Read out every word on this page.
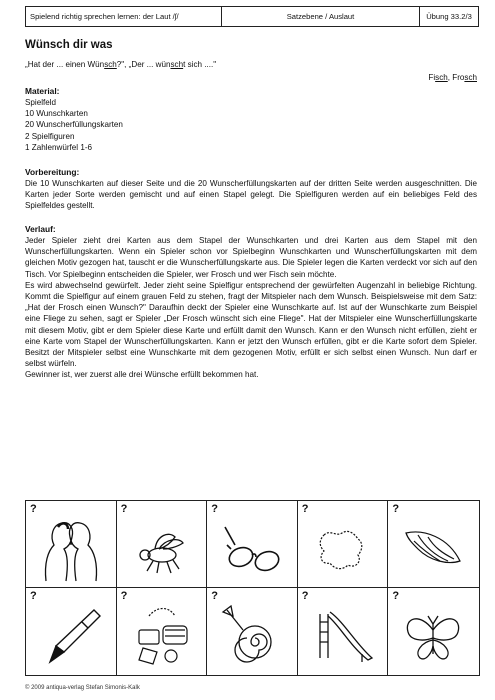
Spielend richtig sprechen lernen: der Laut /ʃ/	Satzebene / Auslaut	Übung 33.2/3
Wünsch dir was
„Hat der ... einen Wünsch?", „Der ... wünscht sich ...."
Fisch, Frosch
Material:
Spielfeld
10 Wunschkarten
20 Wunscherfüllungskarten
2 Spielfiguren
1 Zahlenwürfel 1-6
Vorbereitung:
Die 10 Wunschkarten auf dieser Seite und die 20 Wunscherfüllungskarten auf der dritten Seite werden ausgeschnitten. Die Karten jeder Sorte werden gemischt und auf einen Stapel gelegt. Die Spielfiguren werden auf ein beliebiges Feld des Spielfeldes gestellt.
Verlauf:
Jeder Spieler zieht drei Karten aus dem Stapel der Wunschkarten und drei Karten aus dem Stapel mit den Wunscherfüllungskarten. Wenn ein Spieler schon vor Spielbeginn Wunschkarten und Wunscherfüllungskarten mit dem gleichen Motiv gezogen hat, tauscht er die Wunscherfüllungskarte aus. Die Spieler legen die Karten verdeckt vor sich auf den Tisch. Vor Spielbeginn entscheiden die Spieler, wer Frosch und wer Fisch sein möchte.
Es wird abwechselnd gewürfelt. Jeder zieht seine Spielfigur entsprechend der gewürfelten Augenzahl in beliebige Richtung. Kommt die Spielfigur auf einem grauen Feld zu stehen, fragt der Mitspieler nach dem Wunsch. Beispielsweise mit dem Satz: „Hat der Frosch einen Wunsch?" Daraufhin deckt der Spieler eine Wunschkarte auf. Ist auf der Wunschkarte zum Beispiel eine Fliege zu sehen, sagt er Spieler „Der Frosch wünscht sich eine Fliege". Hat der Mitspieler eine Wunscherfüllungskarte mit diesem Motiv, gibt er dem Spieler diese Karte und erfüllt damit den Wunsch. Kann er den Wunsch nicht erfüllen, zieht er eine Karte vom Stapel der Wunscherfüllungskarten. Kann er jetzt den Wunsch erfüllen, gibt er die Karte sofort dem Spieler. Besitzt der Mitspieler selbst eine Wunschkarte mit dem gezogenen Motiv, erfüllt er sich selbst einen Wunsch. Nun darf er selbst würfeln.
Gewinner ist, wer zuerst alle drei Wünsche erfüllt bekommen hat.
?	?	?	?	?
?	?	?	?	?
© 2009 antiqua-verlag Stefan Simonis-Kalk
